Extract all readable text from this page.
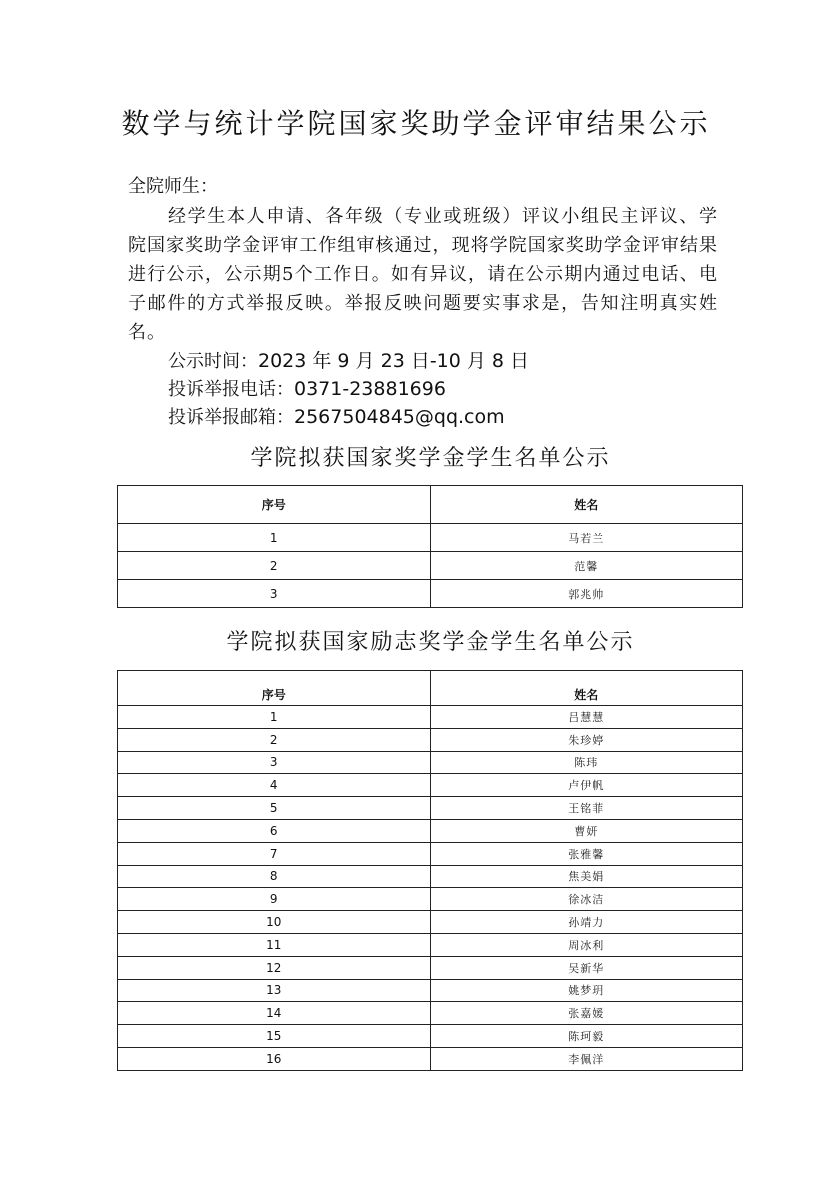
数学与统计学院国家奖助学金评审结果公示
全院师生：
经学生本人申请、各年级（专业或班级）评议小组民主评议、学院国家奖助学金评审工作组审核通过，现将学院国家奖助学金评审结果进行公示，公示期5个工作日。如有异议，请在公示期内通过电话、电子邮件的方式举报反映。举报反映问题要实事求是，告知注明真实姓名。
公示时间：2023 年 9 月 23 日-10 月 8 日
投诉举报电话：0371-23881696
投诉举报邮箱：2567504845@qq.com
学院拟获国家奖学金学生名单公示
序号	姓名
1	马若兰
2	范馨
3	郭兆帅
学院拟获国家励志奖学金学生名单公示
序号	姓名
1	吕慧慧
2	朱珍婷
3	陈玮
4	卢伊帆
5	王铭菲
6	曹妍
7	张雅馨
8	焦美娟
9	徐冰洁
10	孙靖力
11	周冰利
12	吴新华
13	姚梦玥
14	张嘉媛
15	陈珂毅
16	李佩洋
